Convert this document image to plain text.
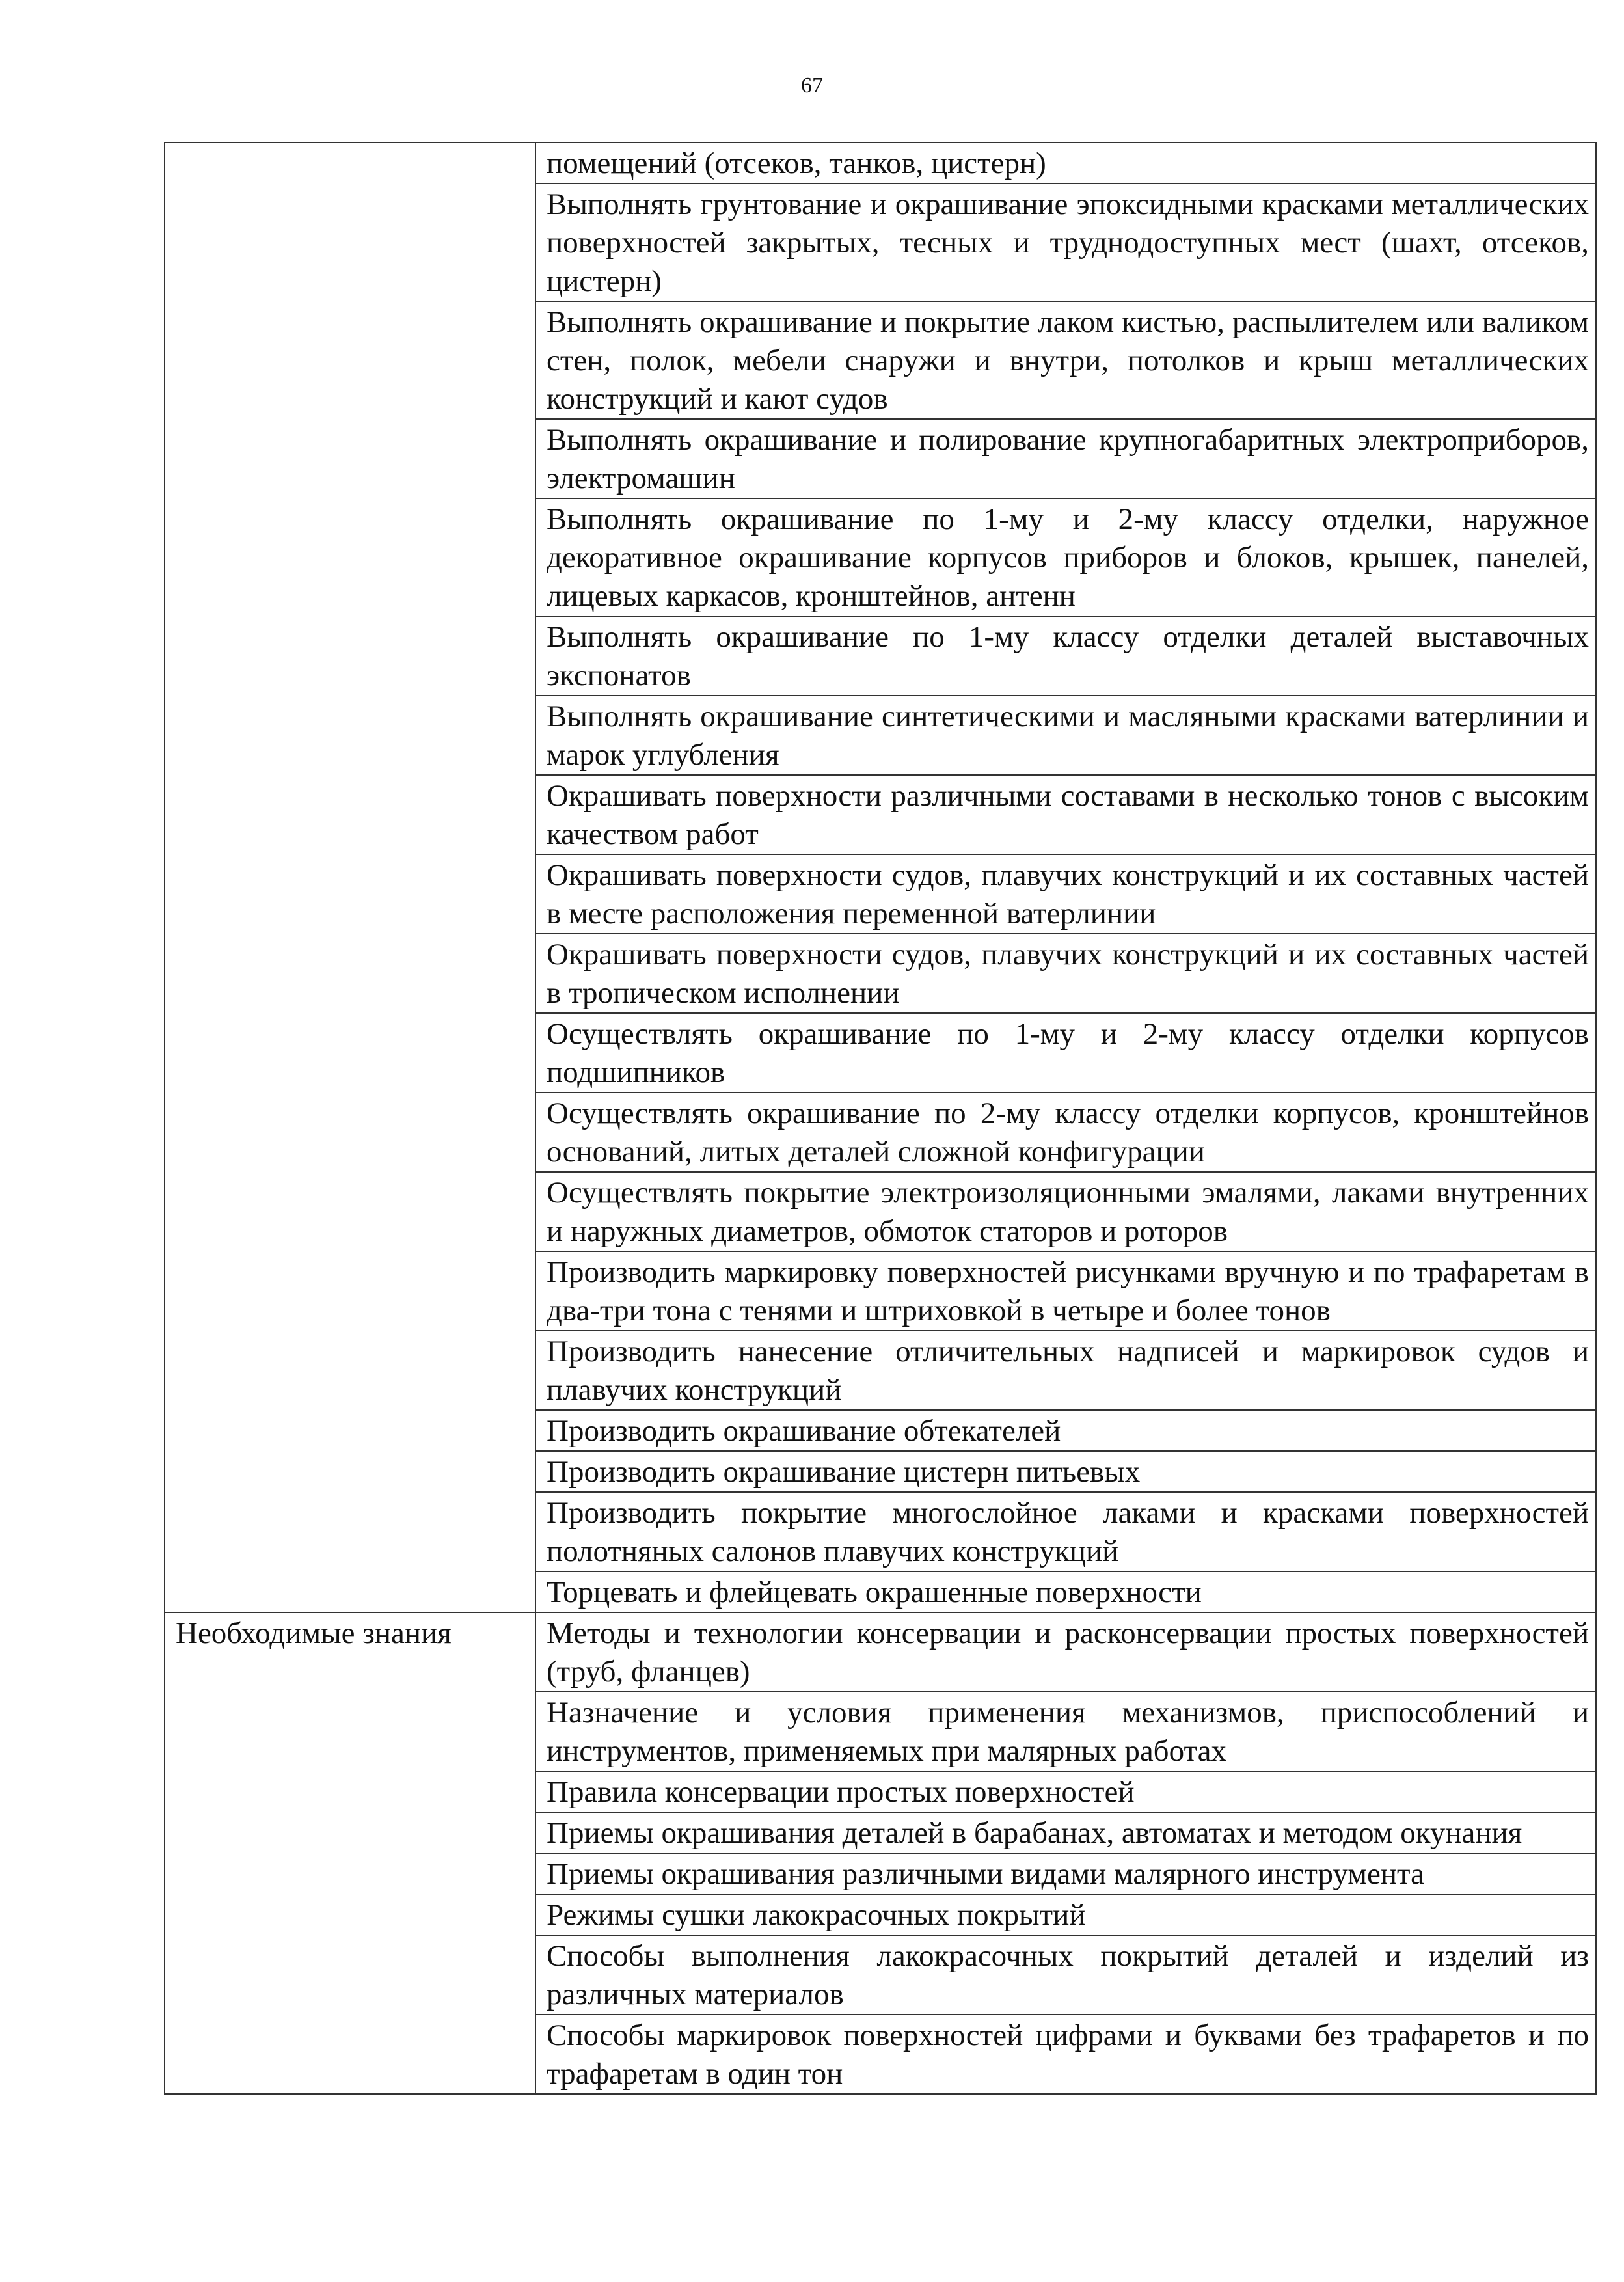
67
	помещений (отсеков, танков, цистерн)
	Выполнять грунтование и окрашивание эпоксидными красками металлических поверхностей закрытых, тесных и труднодоступных мест (шахт, отсеков, цистерн)
	Выполнять окрашивание и покрытие лаком кистью, распылителем или валиком стен, полок, мебели снаружи и внутри, потолков и крыш металлических конструкций и кают судов
	Выполнять окрашивание и полирование крупногабаритных электроприборов, электромашин
	Выполнять окрашивание по 1-му и 2-му классу отделки, наружное декоративное окрашивание корпусов приборов и блоков, крышек, панелей, лицевых каркасов, кронштейнов, антенн
	Выполнять окрашивание по 1-му классу отделки деталей выставочных экспонатов
	Выполнять окрашивание синтетическими и масляными красками ватерлинии и марок углубления
	Окрашивать поверхности различными составами в несколько тонов с высоким качеством работ
	Окрашивать поверхности судов, плавучих конструкций и их составных частей в месте расположения переменной ватерлинии
	Окрашивать поверхности судов, плавучих конструкций и их составных частей в тропическом исполнении
	Осуществлять окрашивание по 1-му и 2-му классу отделки корпусов подшипников
	Осуществлять окрашивание по 2-му классу отделки корпусов, кронштейнов оснований, литых деталей сложной конфигурации
	Осуществлять покрытие электроизоляционными эмалями, лаками внутренних и наружных диаметров, обмоток статоров и роторов
	Производить маркировку поверхностей рисунками вручную и по трафаретам в два-три тона с тенями и штриховкой в четыре и более тонов
	Производить нанесение отличительных надписей и маркировок судов и плавучих конструкций
	Производить окрашивание обтекателей
	Производить окрашивание цистерн питьевых
	Производить покрытие многослойное лаками и красками поверхностей полотняных салонов плавучих конструкций
	Торцевать и флейцевать окрашенные поверхности
Необходимые знания	Методы и технологии консервации и расконсервации простых поверхностей (труб, фланцев)
	Назначение и условия применения механизмов, приспособлений и инструментов, применяемых при малярных работах
	Правила консервации простых поверхностей
	Приемы окрашивания деталей в барабанах, автоматах и методом окунания
	Приемы окрашивания различными видами малярного инструмента
	Режимы сушки лакокрасочных покрытий
	Способы выполнения лакокрасочных покрытий деталей и изделий из различных материалов
	Способы маркировок поверхностей цифрами и буквами без трафаретов и по трафаретам в один тон
